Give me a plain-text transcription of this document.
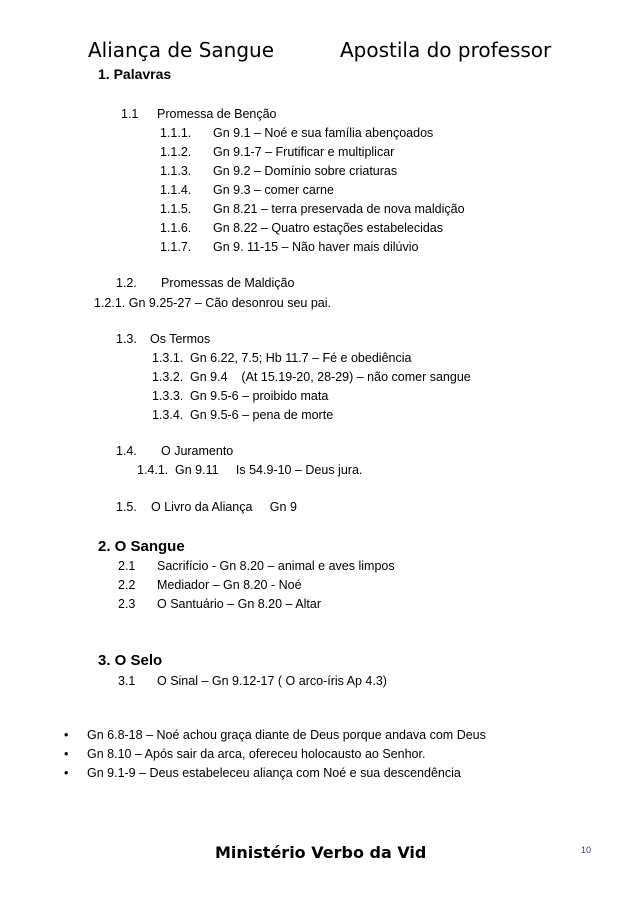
Aliança de Sangue	Apostila do professor
1. Palavras
1.1 Promessa de Benção
1.1.1. Gn 9.1 – Noé e sua família abençoados
1.1.2. Gn 9.1-7 – Frutificar e multiplicar
1.1.3. Gn 9.2 – Domínio sobre criaturas
1.1.4. Gn 9.3 – comer carne
1.1.5. Gn 8.21 – terra preservada de nova maldição
1.1.6. Gn 8.22 – Quatro estações estabelecidas
1.1.7. Gn 9. 11-15 – Não haver mais dilúvio
1.2. Promessas de Maldição
1.2.1. Gn 9.25-27 – Cão desonrou seu pai.
1.3. Os Termos
1.3.1. Gn 6.22, 7.5; Hb 11.7 – Fé e obediência
1.3.2. Gn 9.4    (At 15.19-20, 28-29) – não comer sangue
1.3.3. Gn 9.5-6 – proibido mata
1.3.4. Gn 9.5-6 – pena de morte
1.4. O Juramento
1.4.1. Gn 9.11     Is 54.9-10 – Deus jura.
1.5. O Livro da Aliança     Gn 9
2. O Sangue
2.1 Sacrifício - Gn 8.20 – animal e aves limpos
2.2 Mediador – Gn 8.20 - Noé
2.3 O Santuário – Gn 8.20 – Altar
3. O Selo
3.1 O Sinal – Gn 9.12-17 ( O arco-íris Ap 4.3)
• Gn 6.8-18 – Noé achou graça diante de Deus porque andava com Deus
• Gn 8.10 – Após sair da arca, ofereceu holocausto ao Senhor.
• Gn 9.1-9 – Deus estabeleceu aliança com Noé e sua descendência
Ministério Verbo da Vid	10
